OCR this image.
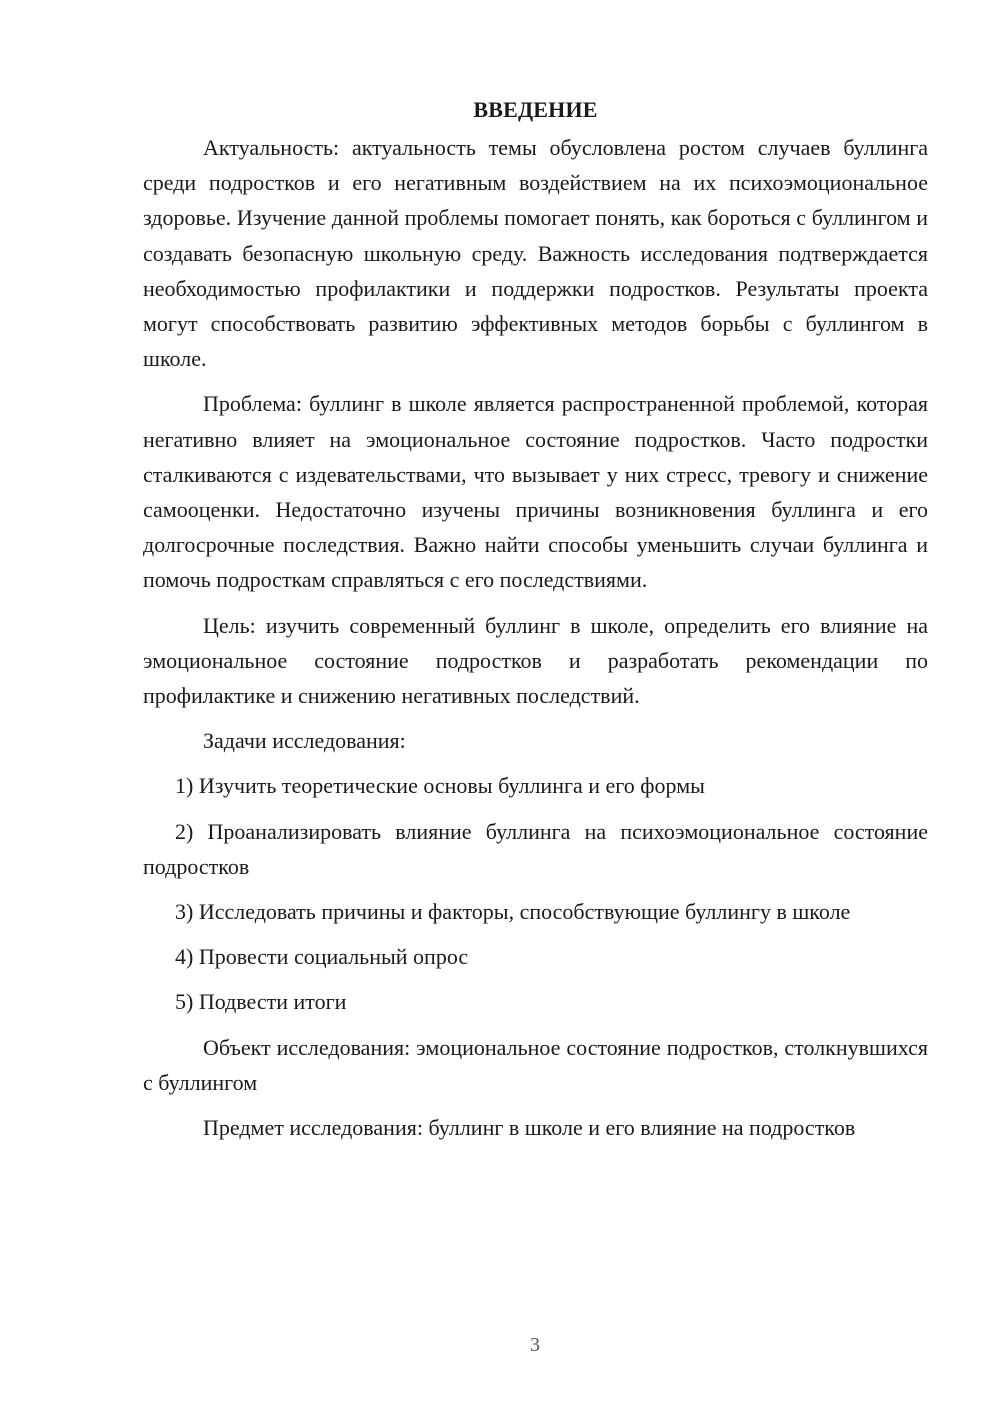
ВВЕДЕНИЕ

Актуальность: актуальность темы обусловлена ростом случаев буллинга среди подростков и его негативным воздействием на их психоэмоциональное здоровье. Изучение данной проблемы помогает понять, как бороться с буллингом и создавать безопасную школьную среду. Важность исследования подтверждается необходимостью профилактики и поддержки подростков. Результаты проекта могут способствовать развитию эффективных методов борьбы с буллингом в школе.

Проблема: буллинг в школе является распространенной проблемой, которая негативно влияет на эмоциональное состояние подростков. Часто подростки сталкиваются с издевательствами, что вызывает у них стресс, тревогу и снижение самооценки. Недостаточно изучены причины возникновения буллинга и его долгосрочные последствия. Важно найти способы уменьшить случаи буллинга и помочь подросткам справляться с его последствиями.

Цель: изучить современный буллинг в школе, определить его влияние на эмоциональное состояние подростков и разработать рекомендации по профилактике и снижению негативных последствий.

Задачи исследования:

1) Изучить теоретические основы буллинга и его формы

2) Проанализировать влияние буллинга на психоэмоциональное состояние подростков

3) Исследовать причины и факторы, способствующие буллингу в школе

4) Провести социальный опрос

5) Подвести итоги

Объект исследования: эмоциональное состояние подростков, столкнувшихся с буллингом

Предмет исследования: буллинг в школе и его влияние на подростков

3
